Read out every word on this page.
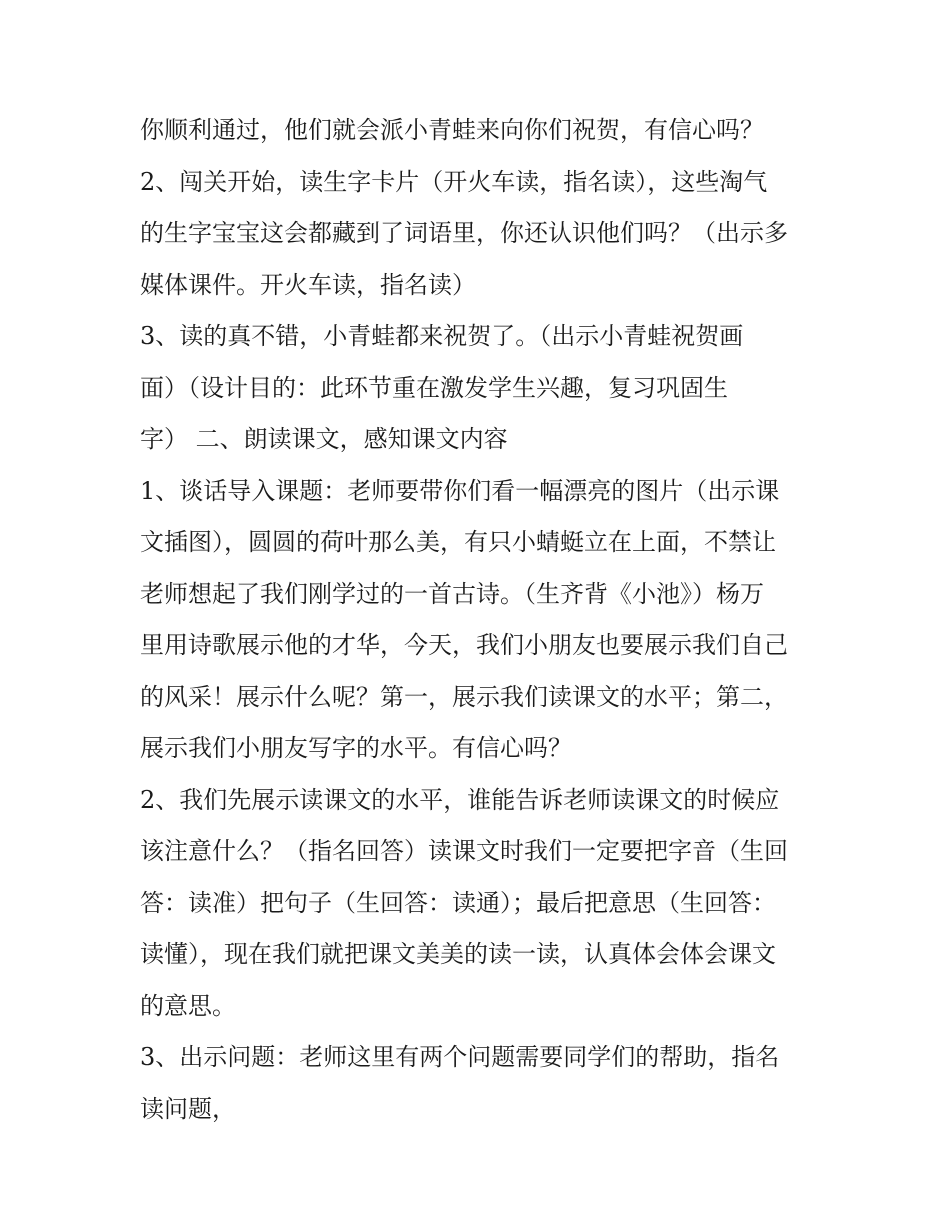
你顺利通过，他们就会派小青蛙来向你们祝贺，有信心吗？
2、闯关开始，读生字卡片（开火车读，指名读），这些淘气
的生字宝宝这会都藏到了词语里，你还认识他们吗？（出示多
媒体课件。开火车读，指名读）
3、读的真不错，小青蛙都来祝贺了。（出示小青蛙祝贺画
面）（设计目的：此环节重在激发学生兴趣，复习巩固生
字） 二、朗读课文，感知课文内容
1、谈话导入课题：老师要带你们看一幅漂亮的图片（出示课
文插图），圆圆的荷叶那么美，有只小蜻蜓立在上面，不禁让
老师想起了我们刚学过的一首古诗。（生齐背《小池》）杨万
里用诗歌展示他的才华，今天，我们小朋友也要展示我们自己
的风采！展示什么呢？第一，展示我们读课文的水平；第二，
展示我们小朋友写字的水平。有信心吗？
2、我们先展示读课文的水平，谁能告诉老师读课文的时候应
该注意什么？（指名回答）读课文时我们一定要把字音（生回
答：读准）把句子（生回答：读通）；最后把意思（生回答：
读懂），现在我们就把课文美美的读一读，认真体会体会课文
的意思。
3、出示问题：老师这里有两个问题需要同学们的帮助，指名
读问题，
